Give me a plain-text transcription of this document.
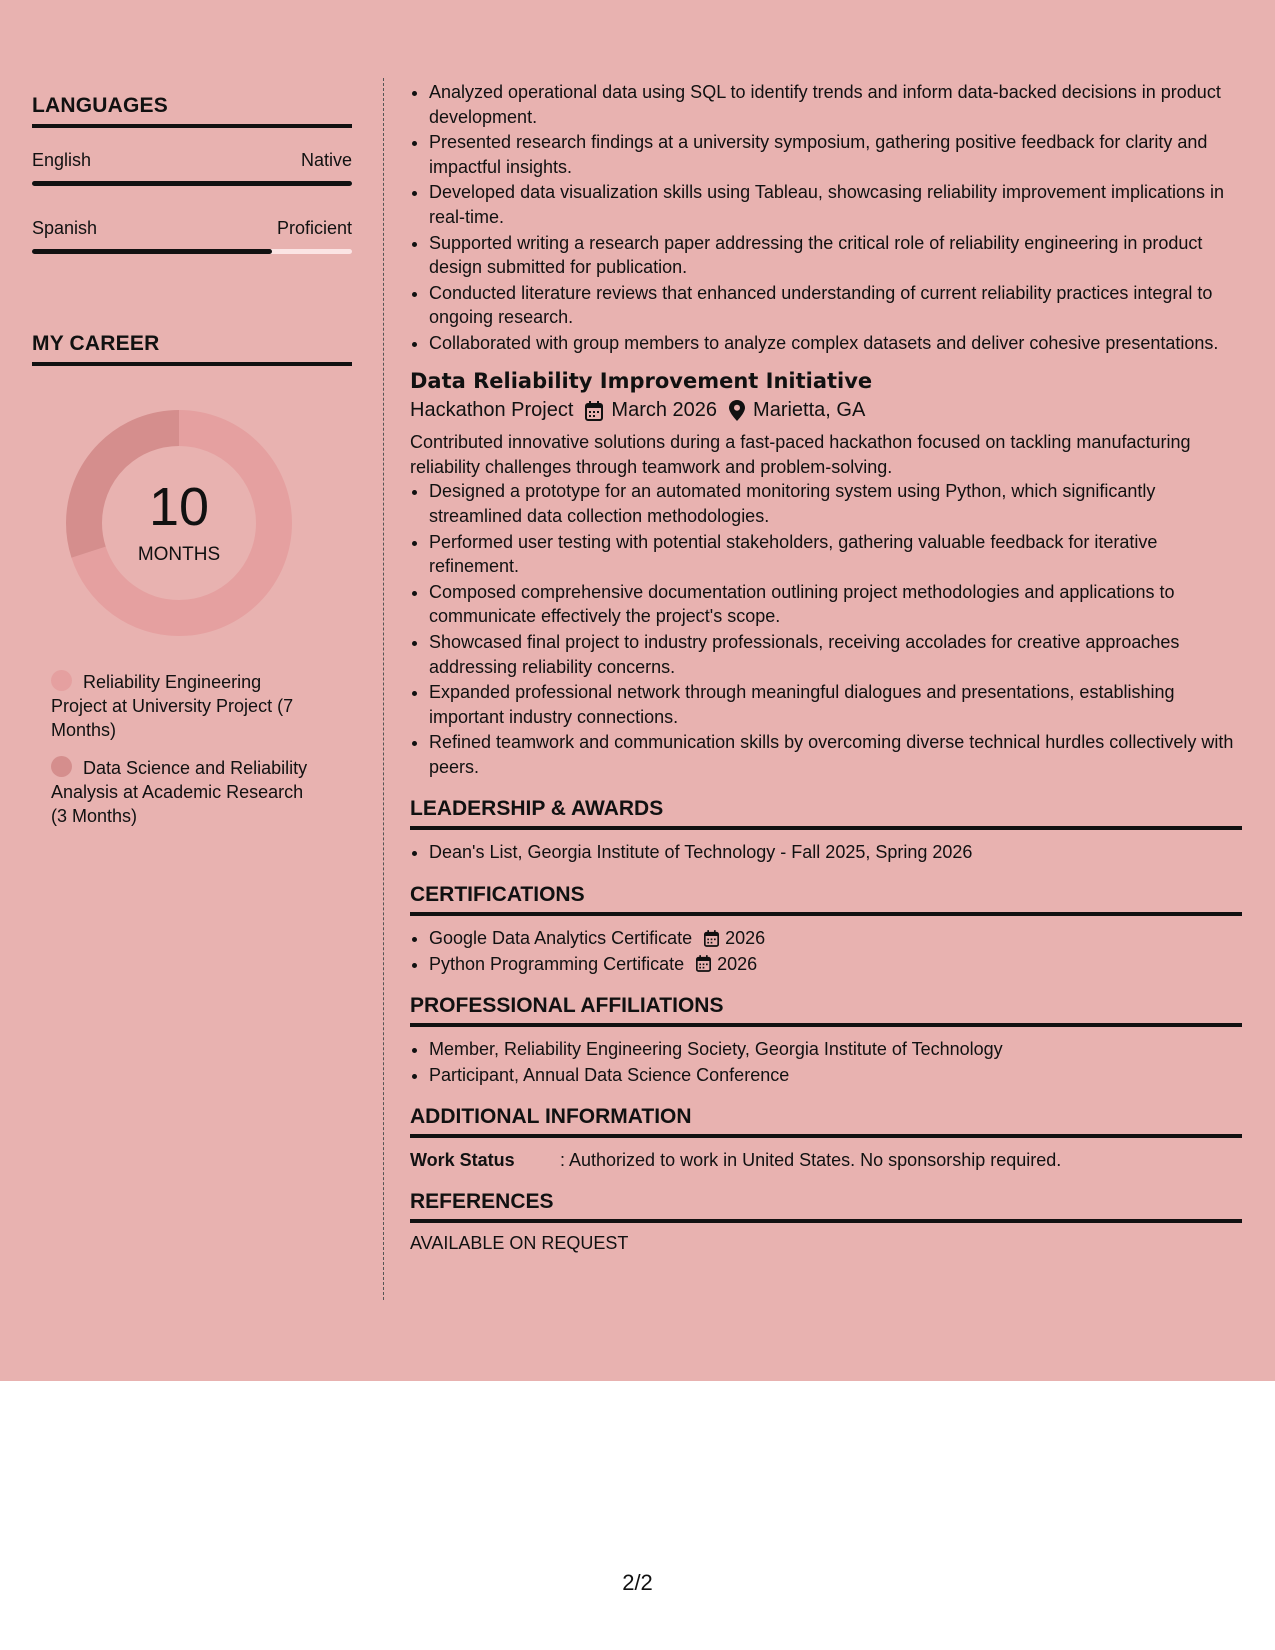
LANGUAGES
English	Native
Spanish	Proficient
MY CAREER
10
MONTHS
Reliability Engineering Project at University Project (7 Months)
Data Science and Reliability Analysis at Academic Research (3 Months)
• Analyzed operational data using SQL to identify trends and inform data-backed decisions in product development.
• Presented research findings at a university symposium, gathering positive feedback for clarity and impactful insights.
• Developed data visualization skills using Tableau, showcasing reliability improvement implications in real-time.
• Supported writing a research paper addressing the critical role of reliability engineering in product design submitted for publication.
• Conducted literature reviews that enhanced understanding of current reliability practices integral to ongoing research.
• Collaborated with group members to analyze complex datasets and deliver cohesive presentations.
Data Reliability Improvement Initiative
Hackathon Project March 2026 Marietta, GA
Contributed innovative solutions during a fast-paced hackathon focused on tackling manufacturing reliability challenges through teamwork and problem-solving.
• Designed a prototype for an automated monitoring system using Python, which significantly streamlined data collection methodologies.
• Performed user testing with potential stakeholders, gathering valuable feedback for iterative refinement.
• Composed comprehensive documentation outlining project methodologies and applications to communicate effectively the project's scope.
• Showcased final project to industry professionals, receiving accolades for creative approaches addressing reliability concerns.
• Expanded professional network through meaningful dialogues and presentations, establishing important industry connections.
• Refined teamwork and communication skills by overcoming diverse technical hurdles collectively with peers.
LEADERSHIP & AWARDS
• Dean's List, Georgia Institute of Technology - Fall 2025, Spring 2026
CERTIFICATIONS
• Google Data Analytics Certificate 2026
• Python Programming Certificate 2026
PROFESSIONAL AFFILIATIONS
• Member, Reliability Engineering Society, Georgia Institute of Technology
• Participant, Annual Data Science Conference
ADDITIONAL INFORMATION
Work Status	: Authorized to work in United States. No sponsorship required.
REFERENCES
AVAILABLE ON REQUEST
2/2
